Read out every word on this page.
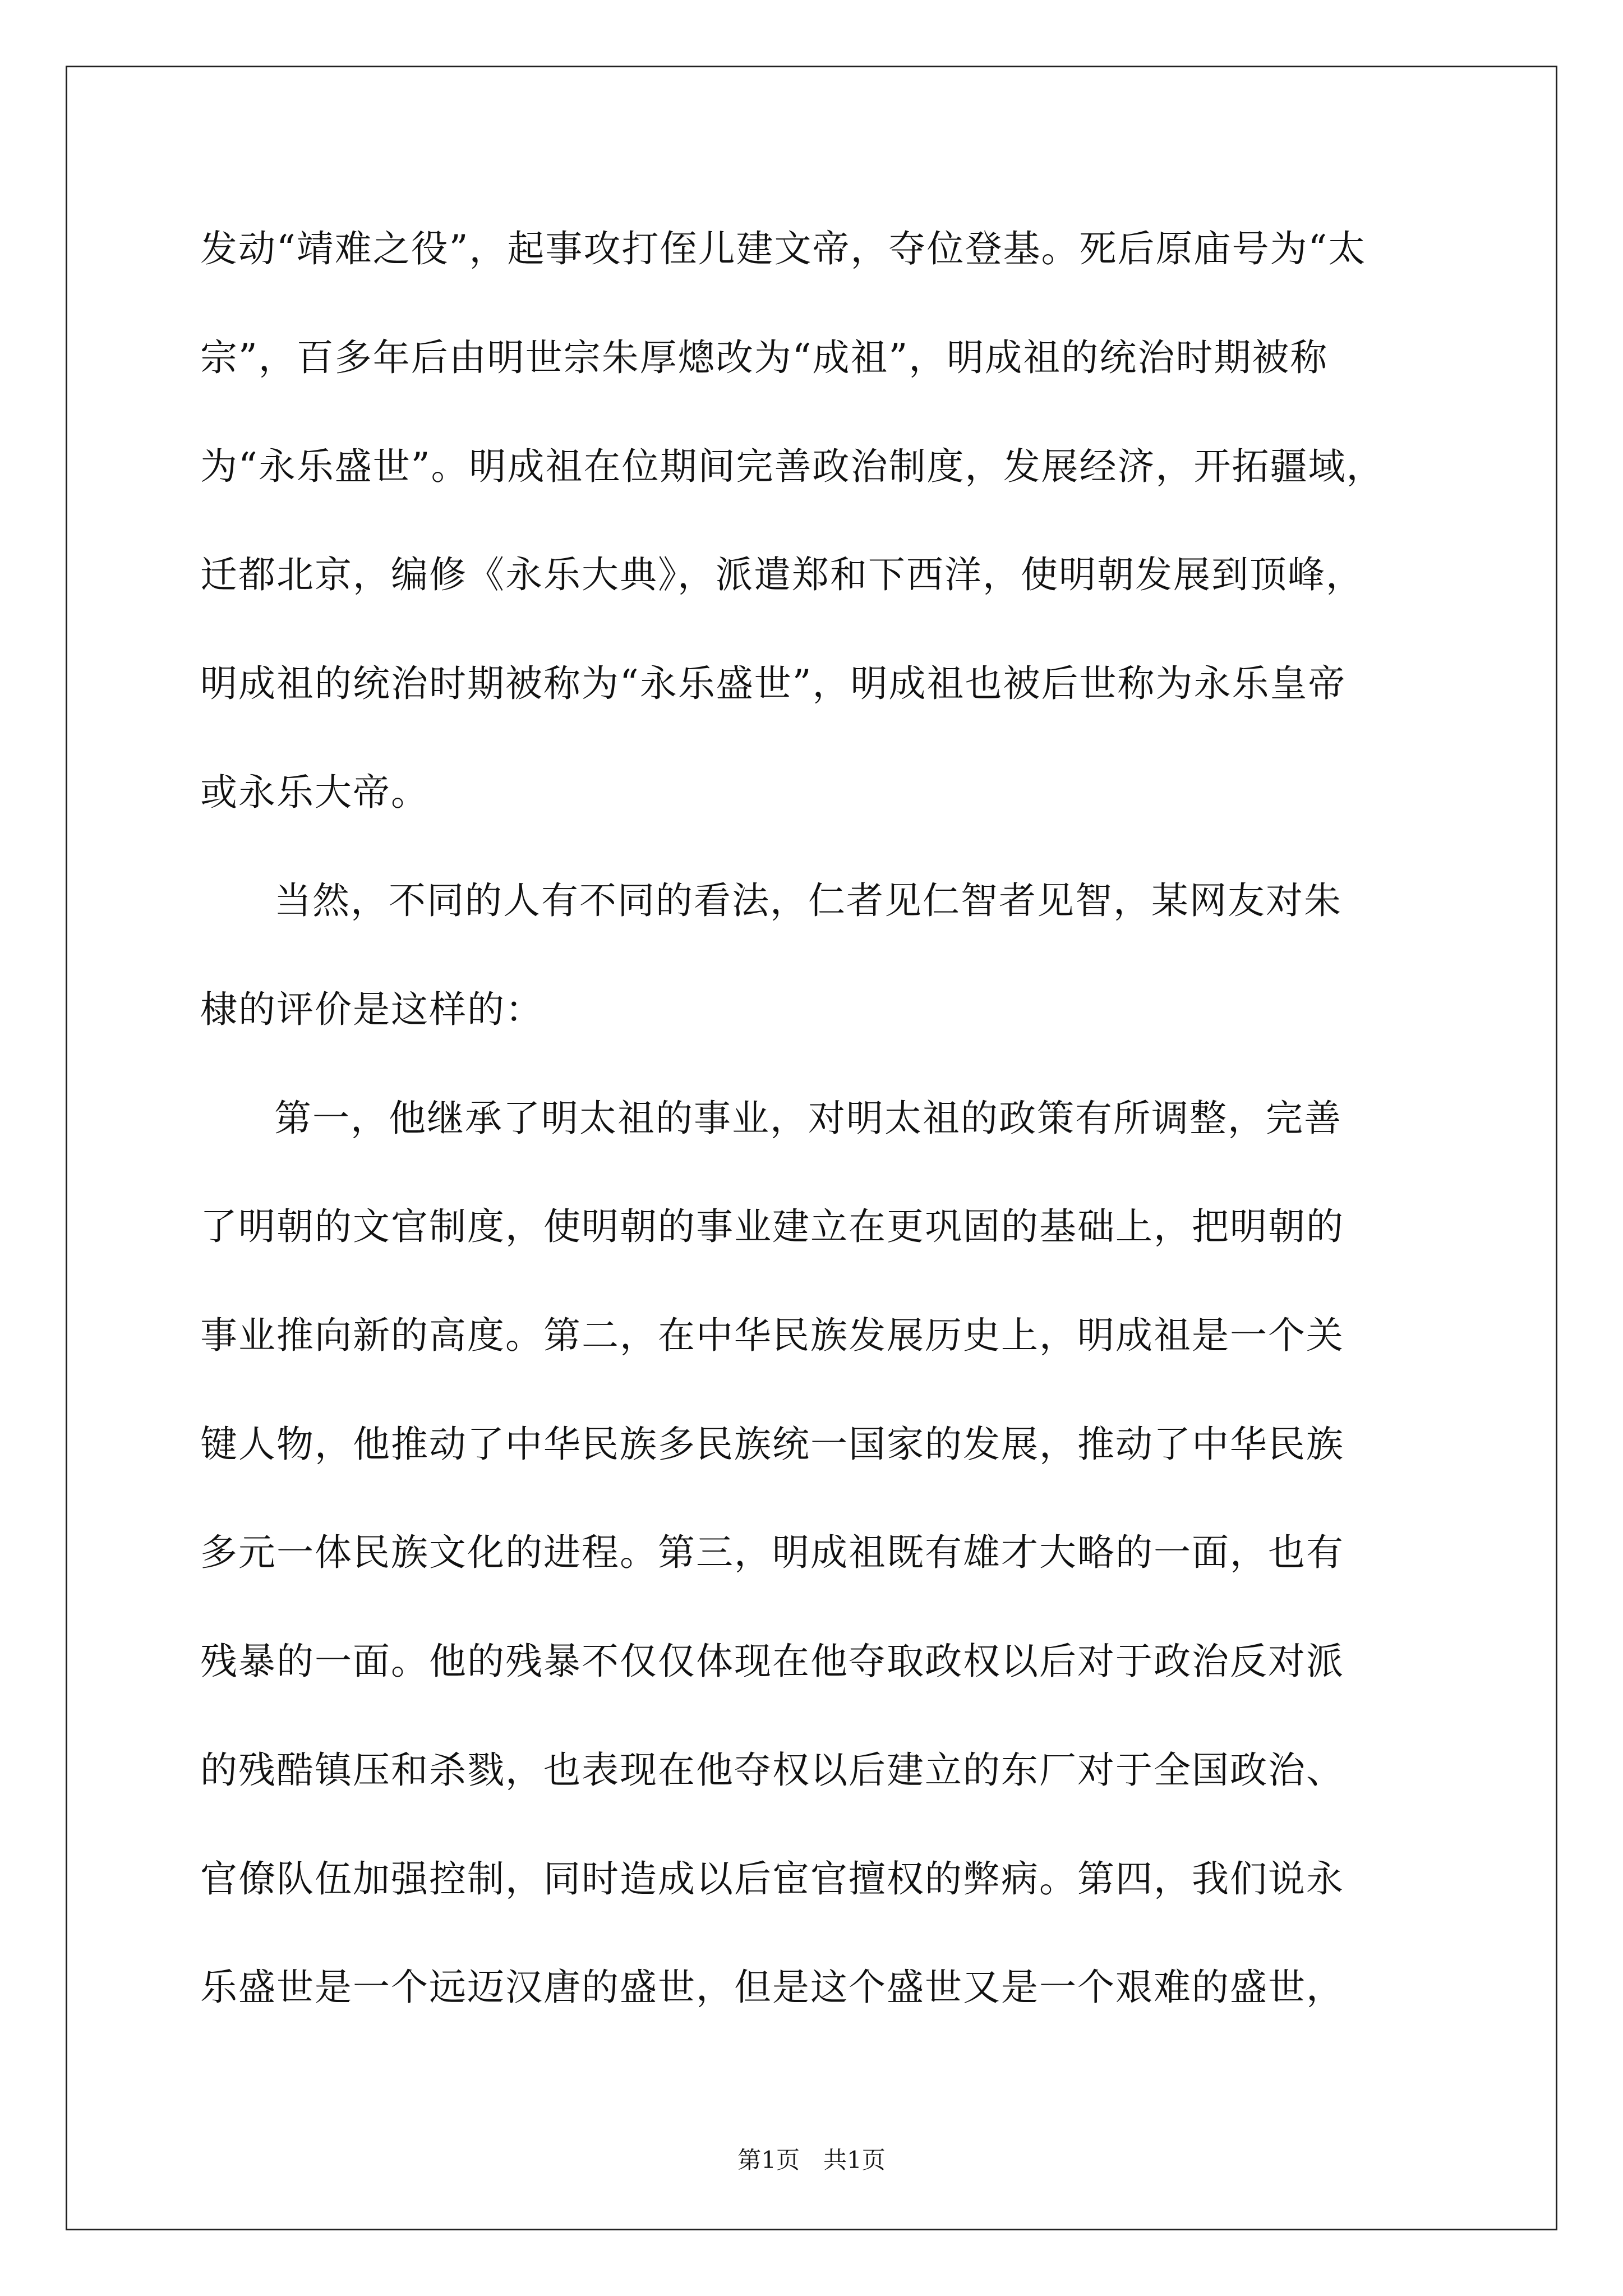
发动“靖难之役”，起事攻打侄儿建文帝，夺位登基。死后原庙号为“太
宗”，百多年后由明世宗朱厚熜改为“成祖”，明成祖的统治时期被称
为“永乐盛世”。明成祖在位期间完善政治制度，发展经济，开拓疆域，
迁都北京，编修《永乐大典》，派遣郑和下西洋，使明朝发展到顶峰，
明成祖的统治时期被称为“永乐盛世”，明成祖也被后世称为永乐皇帝
或永乐大帝。
当然，不同的人有不同的看法，仁者见仁智者见智，某网友对朱
棣的评价是这样的：
第一，他继承了明太祖的事业，对明太祖的政策有所调整，完善
了明朝的文官制度，使明朝的事业建立在更巩固的基础上，把明朝的
事业推向新的高度。第二，在中华民族发展历史上，明成祖是一个关
键人物，他推动了中华民族多民族统一国家的发展，推动了中华民族
多元一体民族文化的进程。第三，明成祖既有雄才大略的一面，也有
残暴的一面。他的残暴不仅仅体现在他夺取政权以后对于政治反对派
的残酷镇压和杀戮，也表现在他夺权以后建立的东厂对于全国政治、
官僚队伍加强控制，同时造成以后宦官擅权的弊病。第四，我们说永
乐盛世是一个远迈汉唐的盛世，但是这个盛世又是一个艰难的盛世，
第1页　共1页
